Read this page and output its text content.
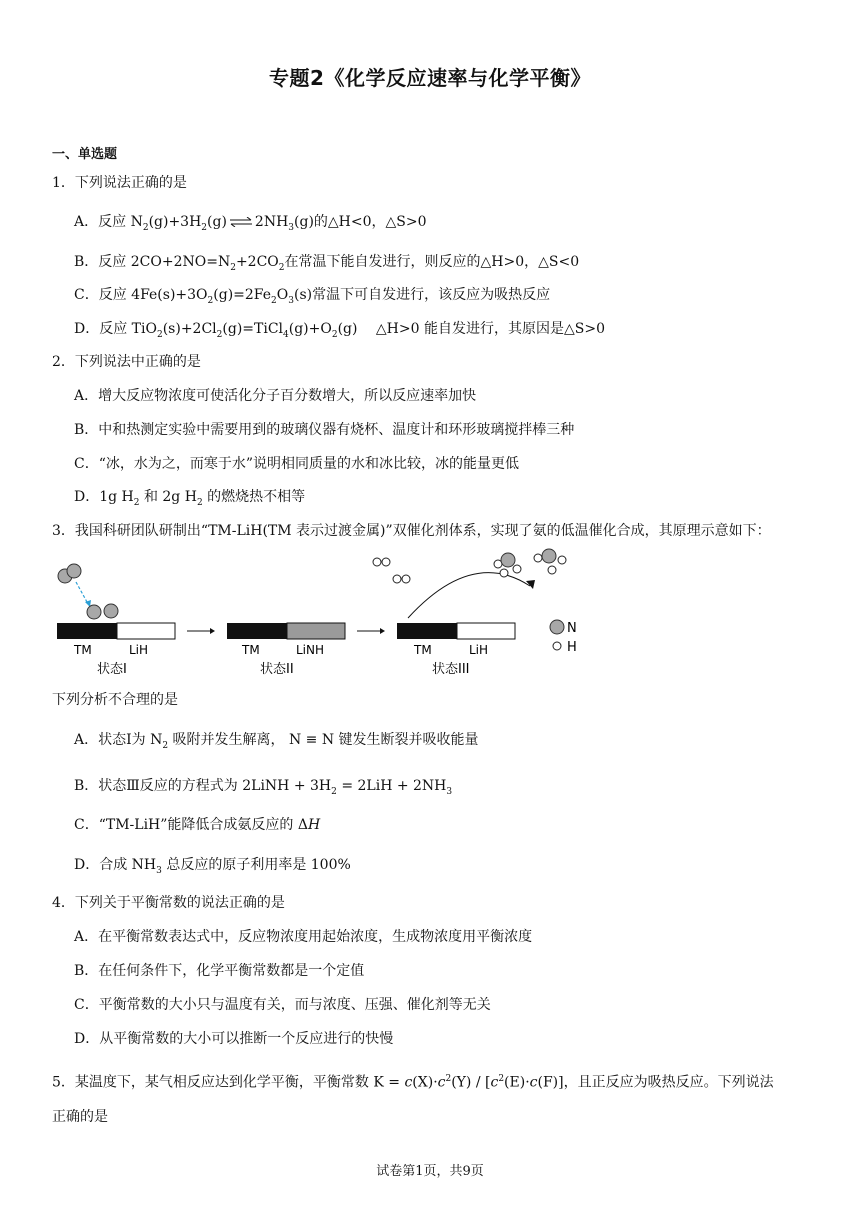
专题2《化学反应速率与化学平衡》
一、单选题
1．下列说法正确的是
A．反应 $N_2(g)+3H_2(g)$ ⇌ $2NH_3(g)$的△H<0，△S>0
B．反应 $2CO+2NO=N_2+2CO_2$在常温下能自发进行，则反应的△H>0，△S<0
C．反应 $4Fe(s)+3O_2(g)=2Fe_2O_3(s)$常温下可自发进行，该反应为吸热反应
D．反应 $TiO_2(s)+2Cl_2(g)=TiCl_4(g)+O_2(g)$　 △H>0 能自发进行，其原因是△S>0
2．下列说法中正确的是
A．增大反应物浓度可使活化分子百分数增大，所以反应速率加快
B．中和热测定实验中需要用到的玻璃仪器有烧杯、温度计和环形玻璃搅拌棒三种
C．“冰，水为之，而寒于水”说明相同质量的水和冰比较，冰的能量更低
D．1g $H_2$ 和 2g $H_2$ 的燃烧热不相等
3．我国科研团队研制出“TM-LiH(TM 表示过渡金属)”双催化剂体系，实现了氨的低温催化合成，其原理示意如下：
TM	LiH
状态I
TM	LiNH
状态II
TM	LiH
状态III
N
H
下列分析不合理的是
A．状态Ⅰ为 $N_2$ 吸附并发生解离， N ≡ N 键发生断裂并吸收能量
B．状态Ⅲ反应的方程式为 2LiNH + $3H_2 = 2LiH + 2NH_3$
C．“TM-LiH”能降低合成氨反应的 ΔH
D．合成 $NH_3$ 总反应的原子利用率是 100%
4．下列关于平衡常数的说法正确的是
A．在平衡常数表达式中，反应物浓度用起始浓度，生成物浓度用平衡浓度
B．在任何条件下，化学平衡常数都是一个定值
C．平衡常数的大小只与温度有关，而与浓度、压强、催化剂等无关
D．从平衡常数的大小可以推断一个反应进行的快慢
5．某温度下，某气相反应达到化学平衡，平衡常数 $K = c(X)\cdot c^2(Y) / [c^2(E)\cdot c(F)]$，且正反应为吸热反应。下列说法
正确的是
试卷第1页，共9页
